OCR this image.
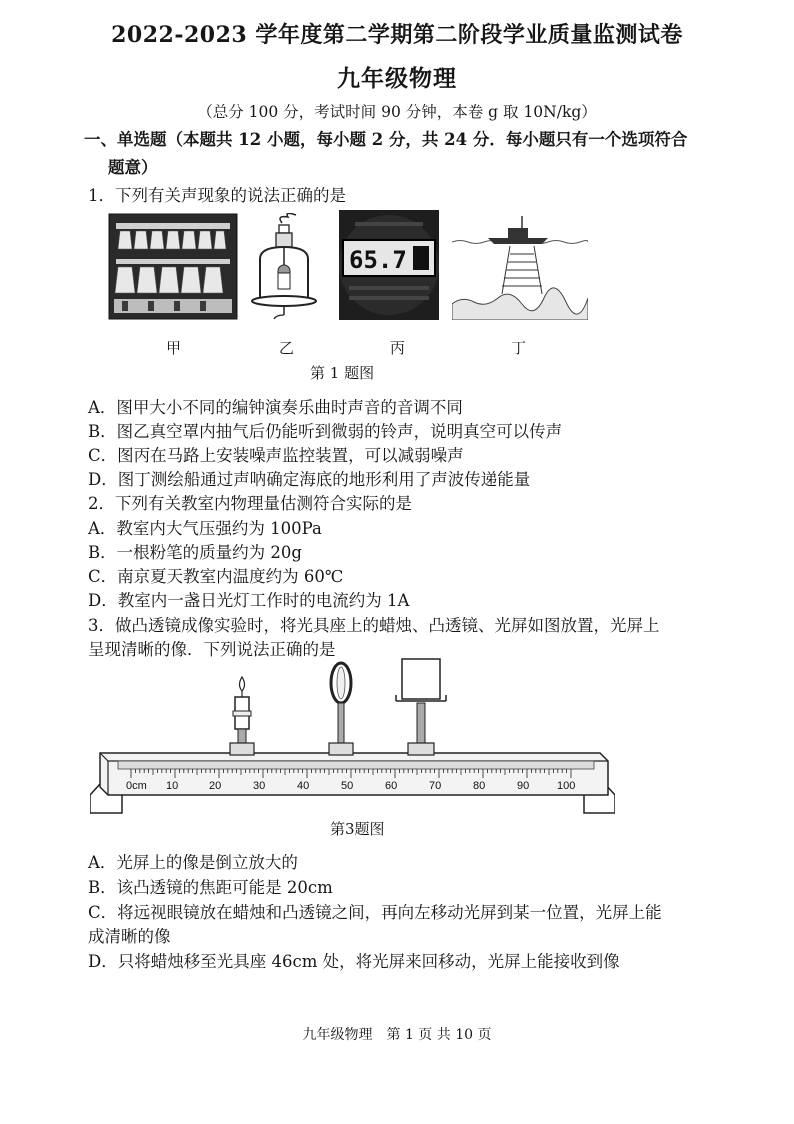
2022-2023 学年度第二学期第二阶段学业质量监测试卷
九年级物理
（总分 100 分，考试时间 90 分钟，本卷 g 取 10N/kg）
一、单选题（本题共 12 小题，每小题 2 分，共 24 分．每小题只有一个选项符合
题意）
1．下列有关声现象的说法正确的是
65.7
甲	乙	丙	丁
第 1 题图
A．图甲大小不同的编钟演奏乐曲时声音的音调不同
B．图乙真空罩内抽气后仍能听到微弱的铃声，说明真空可以传声
C．图丙在马路上安装噪声监控装置，可以减弱噪声
D．图丁测绘船通过声呐确定海底的地形利用了声波传递能量
2．下列有关教室内物理量估测符合实际的是
A．教室内大气压强约为 100Pa
B．一根粉笔的质量约为 20g
C．南京夏天教室内温度约为 60℃
D．教室内一盏日光灯工作时的电流约为 1A
3．做凸透镜成像实验时，将光具座上的蜡烛、凸透镜、光屏如图放置，光屏上
呈现清晰的像．下列说法正确的是
0cm 10	20	30	40	50	60	70	80	90	100
第3题图
A．光屏上的像是倒立放大的
B．该凸透镜的焦距可能是 20cm
C．将远视眼镜放在蜡烛和凸透镜之间，再向左移动光屏到某一位置，光屏上能
成清晰的像
D．只将蜡烛移至光具座 46cm 处，将光屏来回移动，光屏上能接收到像
九年级物理　第 1 页 共 10 页
